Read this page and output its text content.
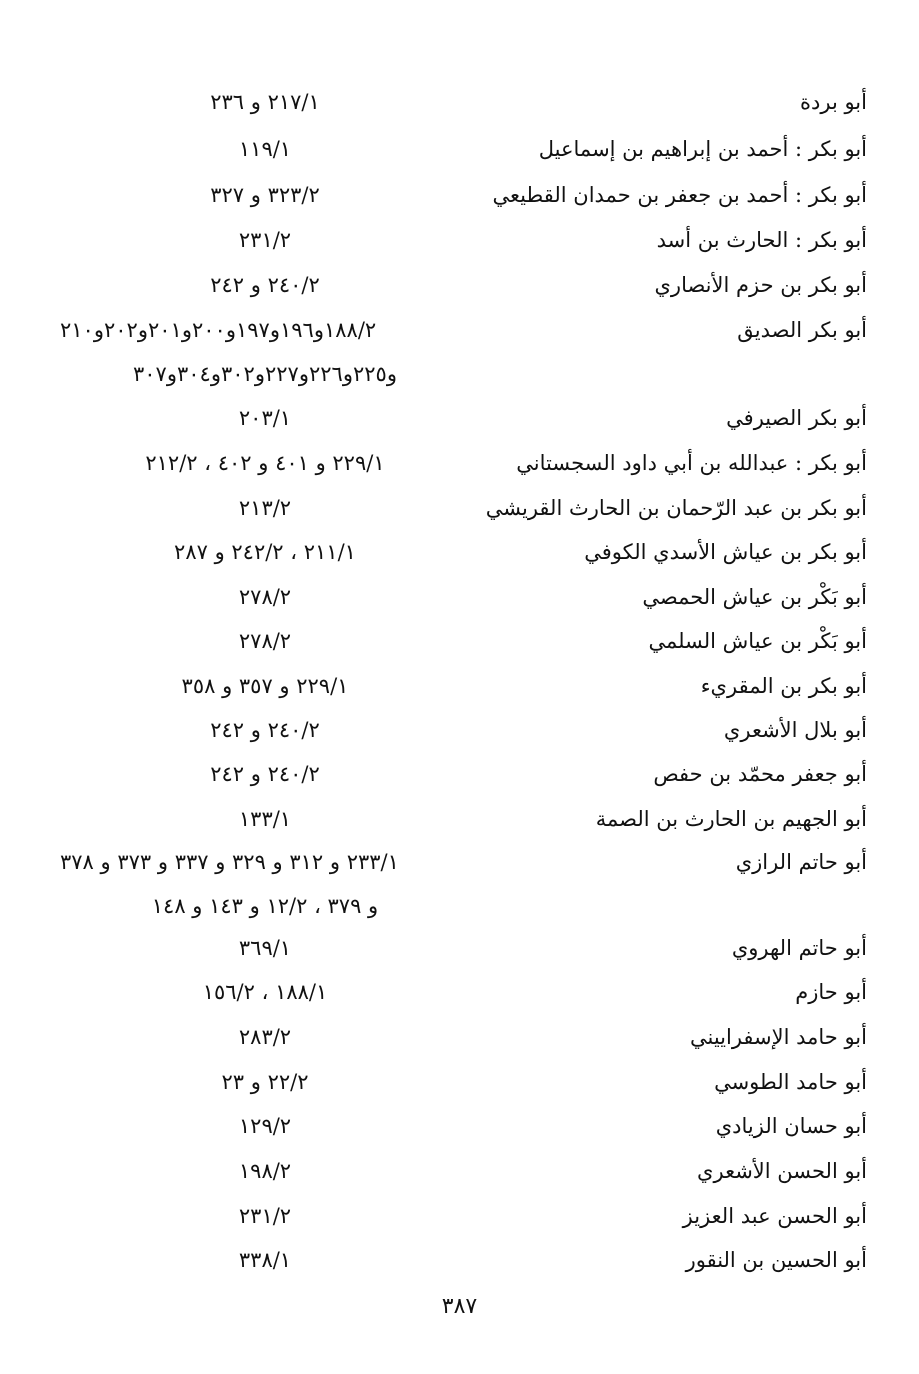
أبو بردة
٢١٧/١ و ٢٣٦
أبو بكر : أحمد بن إبراهيم بن إسماعيل
١١٩/١
أبو بكر : أحمد بن جعفر بن حمدان القطيعي
٣٢٣/٢ و ٣٢٧
أبو بكر : الحارث بن أسد
٢٣١/٢
أبو بكر بن حزم الأنصاري
٢٤٠/٢ و ٢٤٢
أبو بكر الصديق
١٨٨/٢و١٩٦و١٩٧و٢٠٠و٢٠١و٢٠٢و٢١٠
و٢٢٥و٢٢٦و٢٢٧و٣٠٢و٣٠٤و٣٠٧
أبو بكر الصيرفي
٢٠٣/١
أبو بكر : عبدالله بن أبي داود السجستاني
٢٢٩/١ و ٤٠١ و ٤٠٢ ، ٢١٢/٢
أبو بكر بن عبد الرّحمان بن الحارث القريشي
٢١٣/٢
أبو بكر بن عياش الأسدي الكوفي
٢١١/١ ، ٢٤٢/٢ و ٢٨٧
أبو بَكْر بن عياش الحمصي
٢٧٨/٢
أبو بَكْر بن عياش السلمي
٢٧٨/٢
أبو بكر بن المقريء
٢٢٩/١ و ٣٥٧ و ٣٥٨
أبو بلال الأشعري
٢٤٠/٢ و ٢٤٢
أبو جعفر محمّد بن حفص
٢٤٠/٢ و ٢٤٢
أبو الجهيم بن الحارث بن الصمة
١٣٣/١
أبو حاتم الرازي
٢٣٣/١ و ٣١٢ و ٣٢٩ و ٣٣٧ و ٣٧٣ و ٣٧٨
و ٣٧٩ ، ١٢/٢ و ١٤٣ و ١٤٨
أبو حاتم الهروي
٣٦٩/١
أبو حازم
١٨٨/١ ، ١٥٦/٢
أبو حامد الإسفراييني
٢٨٣/٢
أبو حامد الطوسي
٢٢/٢ و ٢٣
أبو حسان الزيادي
١٢٩/٢
أبو الحسن الأشعري
١٩٨/٢
أبو الحسن عبد العزيز
٢٣١/٢
أبو الحسين بن النقور
٣٣٨/١
٣٨٧
